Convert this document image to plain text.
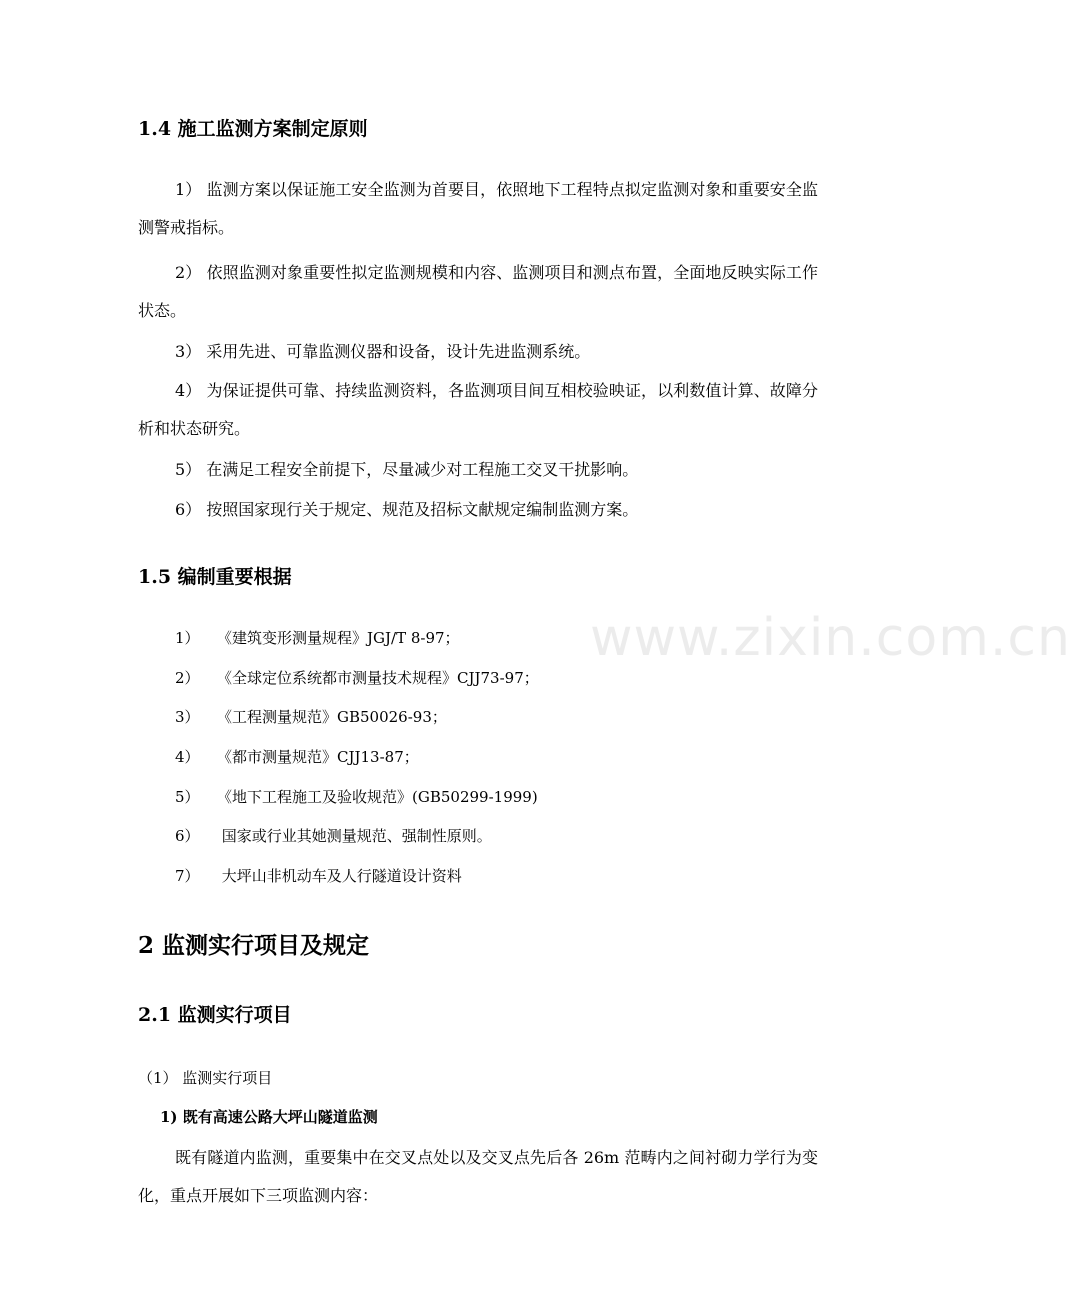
www.zixin.com.cn
1.4 施工监测方案制定原则
1） 监测方案以保证施工安全监测为首要目，依照地下工程特点拟定监测对象和重要安全监测警戒指标。
2） 依照监测对象重要性拟定监测规模和内容、监测项目和测点布置，全面地反映实际工作状态。
3） 采用先进、可靠监测仪器和设备，设计先进监测系统。
4） 为保证提供可靠、持续监测资料，各监测项目间互相校验映证，以利数值计算、故障分析和状态研究。
5） 在满足工程安全前提下，尽量减少对工程施工交叉干扰影响。
6） 按照国家现行关于规定、规范及招标文献规定编制监测方案。
1.5 编制重要根据
1） 《建筑变形测量规程》JGJ/T 8-97；
2） 《全球定位系统都市测量技术规程》CJJ73-97；
3） 《工程测量规范》GB50026-93；
4） 《都市测量规范》CJJ13-87；
5） 《地下工程施工及验收规范》(GB50299-1999)
6） 国家或行业其她测量规范、强制性原则。
7） 大坪山非机动车及人行隧道设计资料
2 监测实行项目及规定
2.1 监测实行项目
（1） 监测实行项目
1) 既有高速公路大坪山隧道监测
既有隧道内监测，重要集中在交叉点处以及交叉点先后各 26m 范畴内之间衬砌力学行为变化，重点开展如下三项监测内容：
